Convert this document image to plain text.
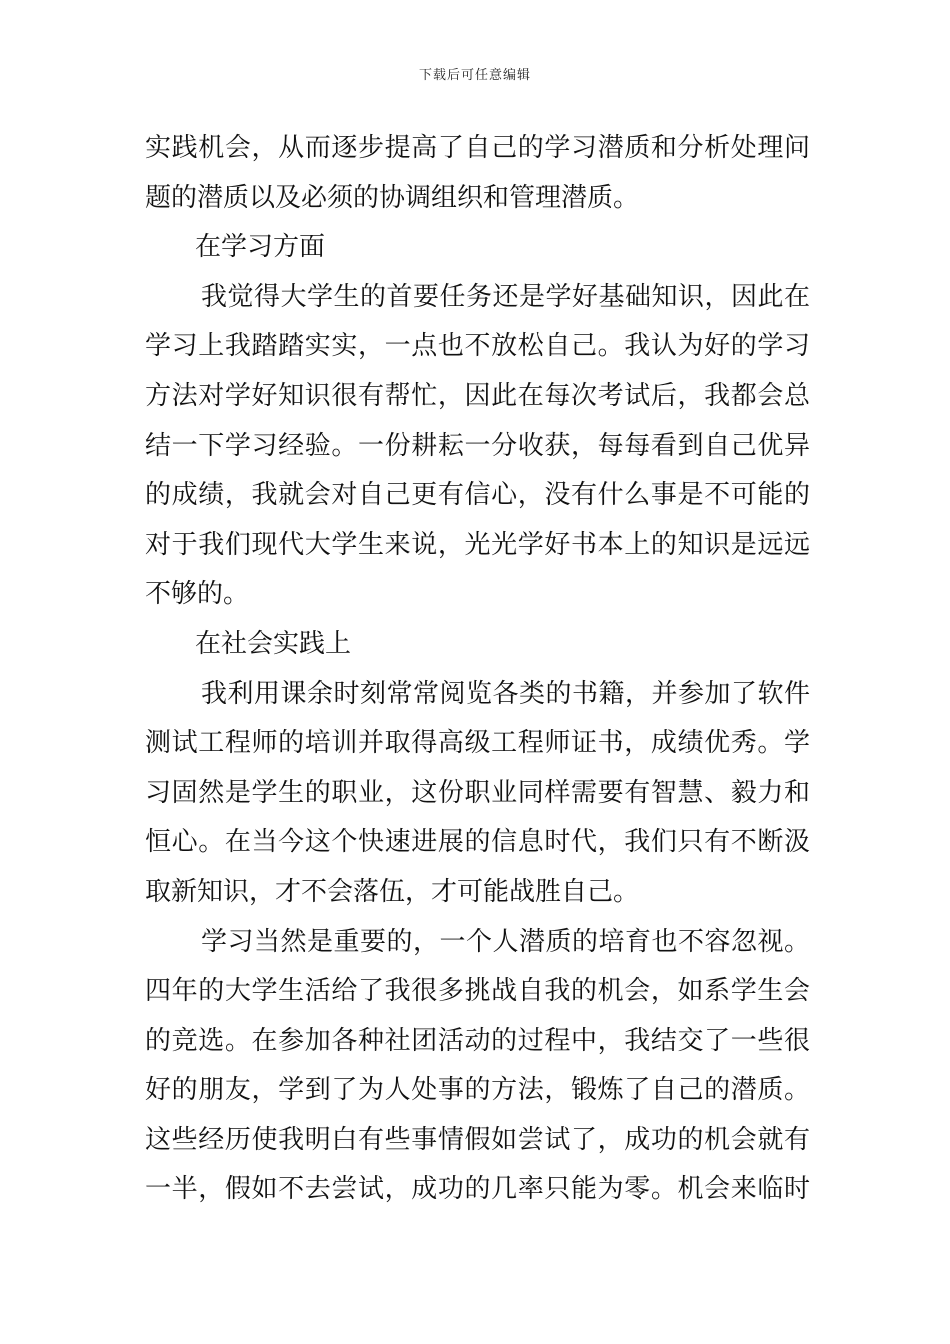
下载后可任意编辑
实践机会，从而逐步提高了自己的学习潜质和分析处理问
题的潜质以及必须的协调组织和管理潜质。
在学习方面
我觉得大学生的首要任务还是学好基础知识，因此在
学习上我踏踏实实，一点也不放松自己。我认为好的学习
方法对学好知识很有帮忙，因此在每次考试后，我都会总
结一下学习经验。一份耕耘一分收获，每每看到自己优异
的成绩，我就会对自己更有信心，没有什么事是不可能的
对于我们现代大学生来说，光光学好书本上的知识是远远
不够的。
在社会实践上
我利用课余时刻常常阅览各类的书籍，并参加了软件
测试工程师的培训并取得高级工程师证书，成绩优秀。学
习固然是学生的职业，这份职业同样需要有智慧、毅力和
恒心。在当今这个快速进展的信息时代，我们只有不断汲
取新知识，才不会落伍，才可能战胜自己。
学习当然是重要的，一个人潜质的培育也不容忽视。
四年的大学生活给了我很多挑战自我的机会，如系学生会
的竞选。在参加各种社团活动的过程中，我结交了一些很
好的朋友，学到了为人处事的方法，锻炼了自己的潜质。
这些经历使我明白有些事情假如尝试了，成功的机会就有
一半，假如不去尝试，成功的几率只能为零。机会来临时
